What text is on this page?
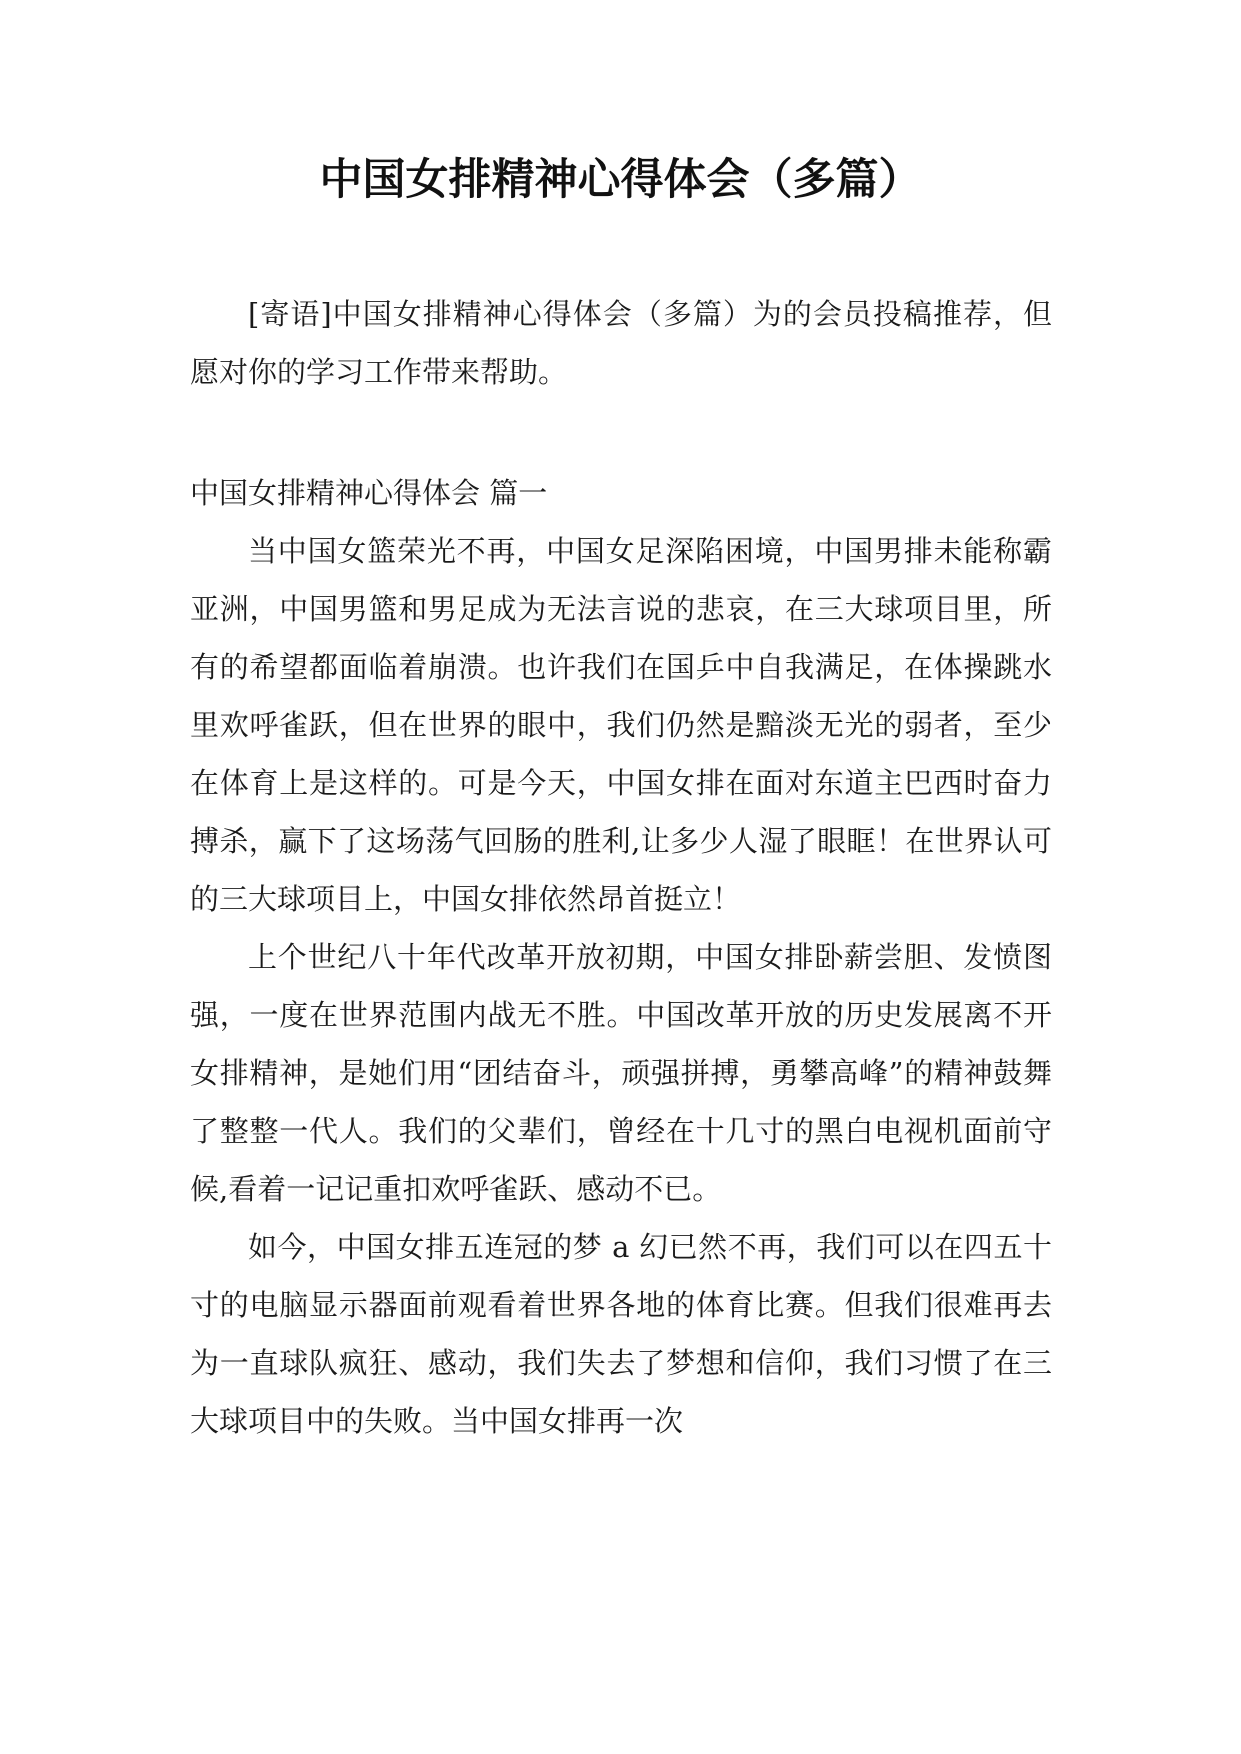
中国女排精神心得体会（多篇）

[寄语]中国女排精神心得体会（多篇）为的会员投稿推荐，但愿对你的学习工作带来帮助。

中国女排精神心得体会 篇一

当中国女篮荣光不再，中国女足深陷困境，中国男排未能称霸亚洲，中国男篮和男足成为无法言说的悲哀，在三大球项目里，所有的希望都面临着崩溃。也许我们在国乒中自我满足，在体操跳水里欢呼雀跃，但在世界的眼中，我们仍然是黯淡无光的弱者，至少在体育上是这样的。可是今天，中国女排在面对东道主巴西时奋力搏杀，赢下了这场荡气回肠的胜利,让多少人湿了眼眶！在世界认可的三大球项目上，中国女排依然昂首挺立！

上个世纪八十年代改革开放初期，中国女排卧薪尝胆、发愤图强，一度在世界范围内战无不胜。中国改革开放的历史发展离不开女排精神，是她们用“团结奋斗，顽强拼搏，勇攀高峰”的精神鼓舞了整整一代人。我们的父辈们，曾经在十几寸的黑白电视机面前守候,看着一记记重扣欢呼雀跃、感动不已。

如今，中国女排五连冠的梦 a 幻已然不再，我们可以在四五十寸的电脑显示器面前观看着世界各地的体育比赛。但我们很难再去为一直球队疯狂、感动，我们失去了梦想和信仰，我们习惯了在三大球项目中的失败。当中国女排再一次
